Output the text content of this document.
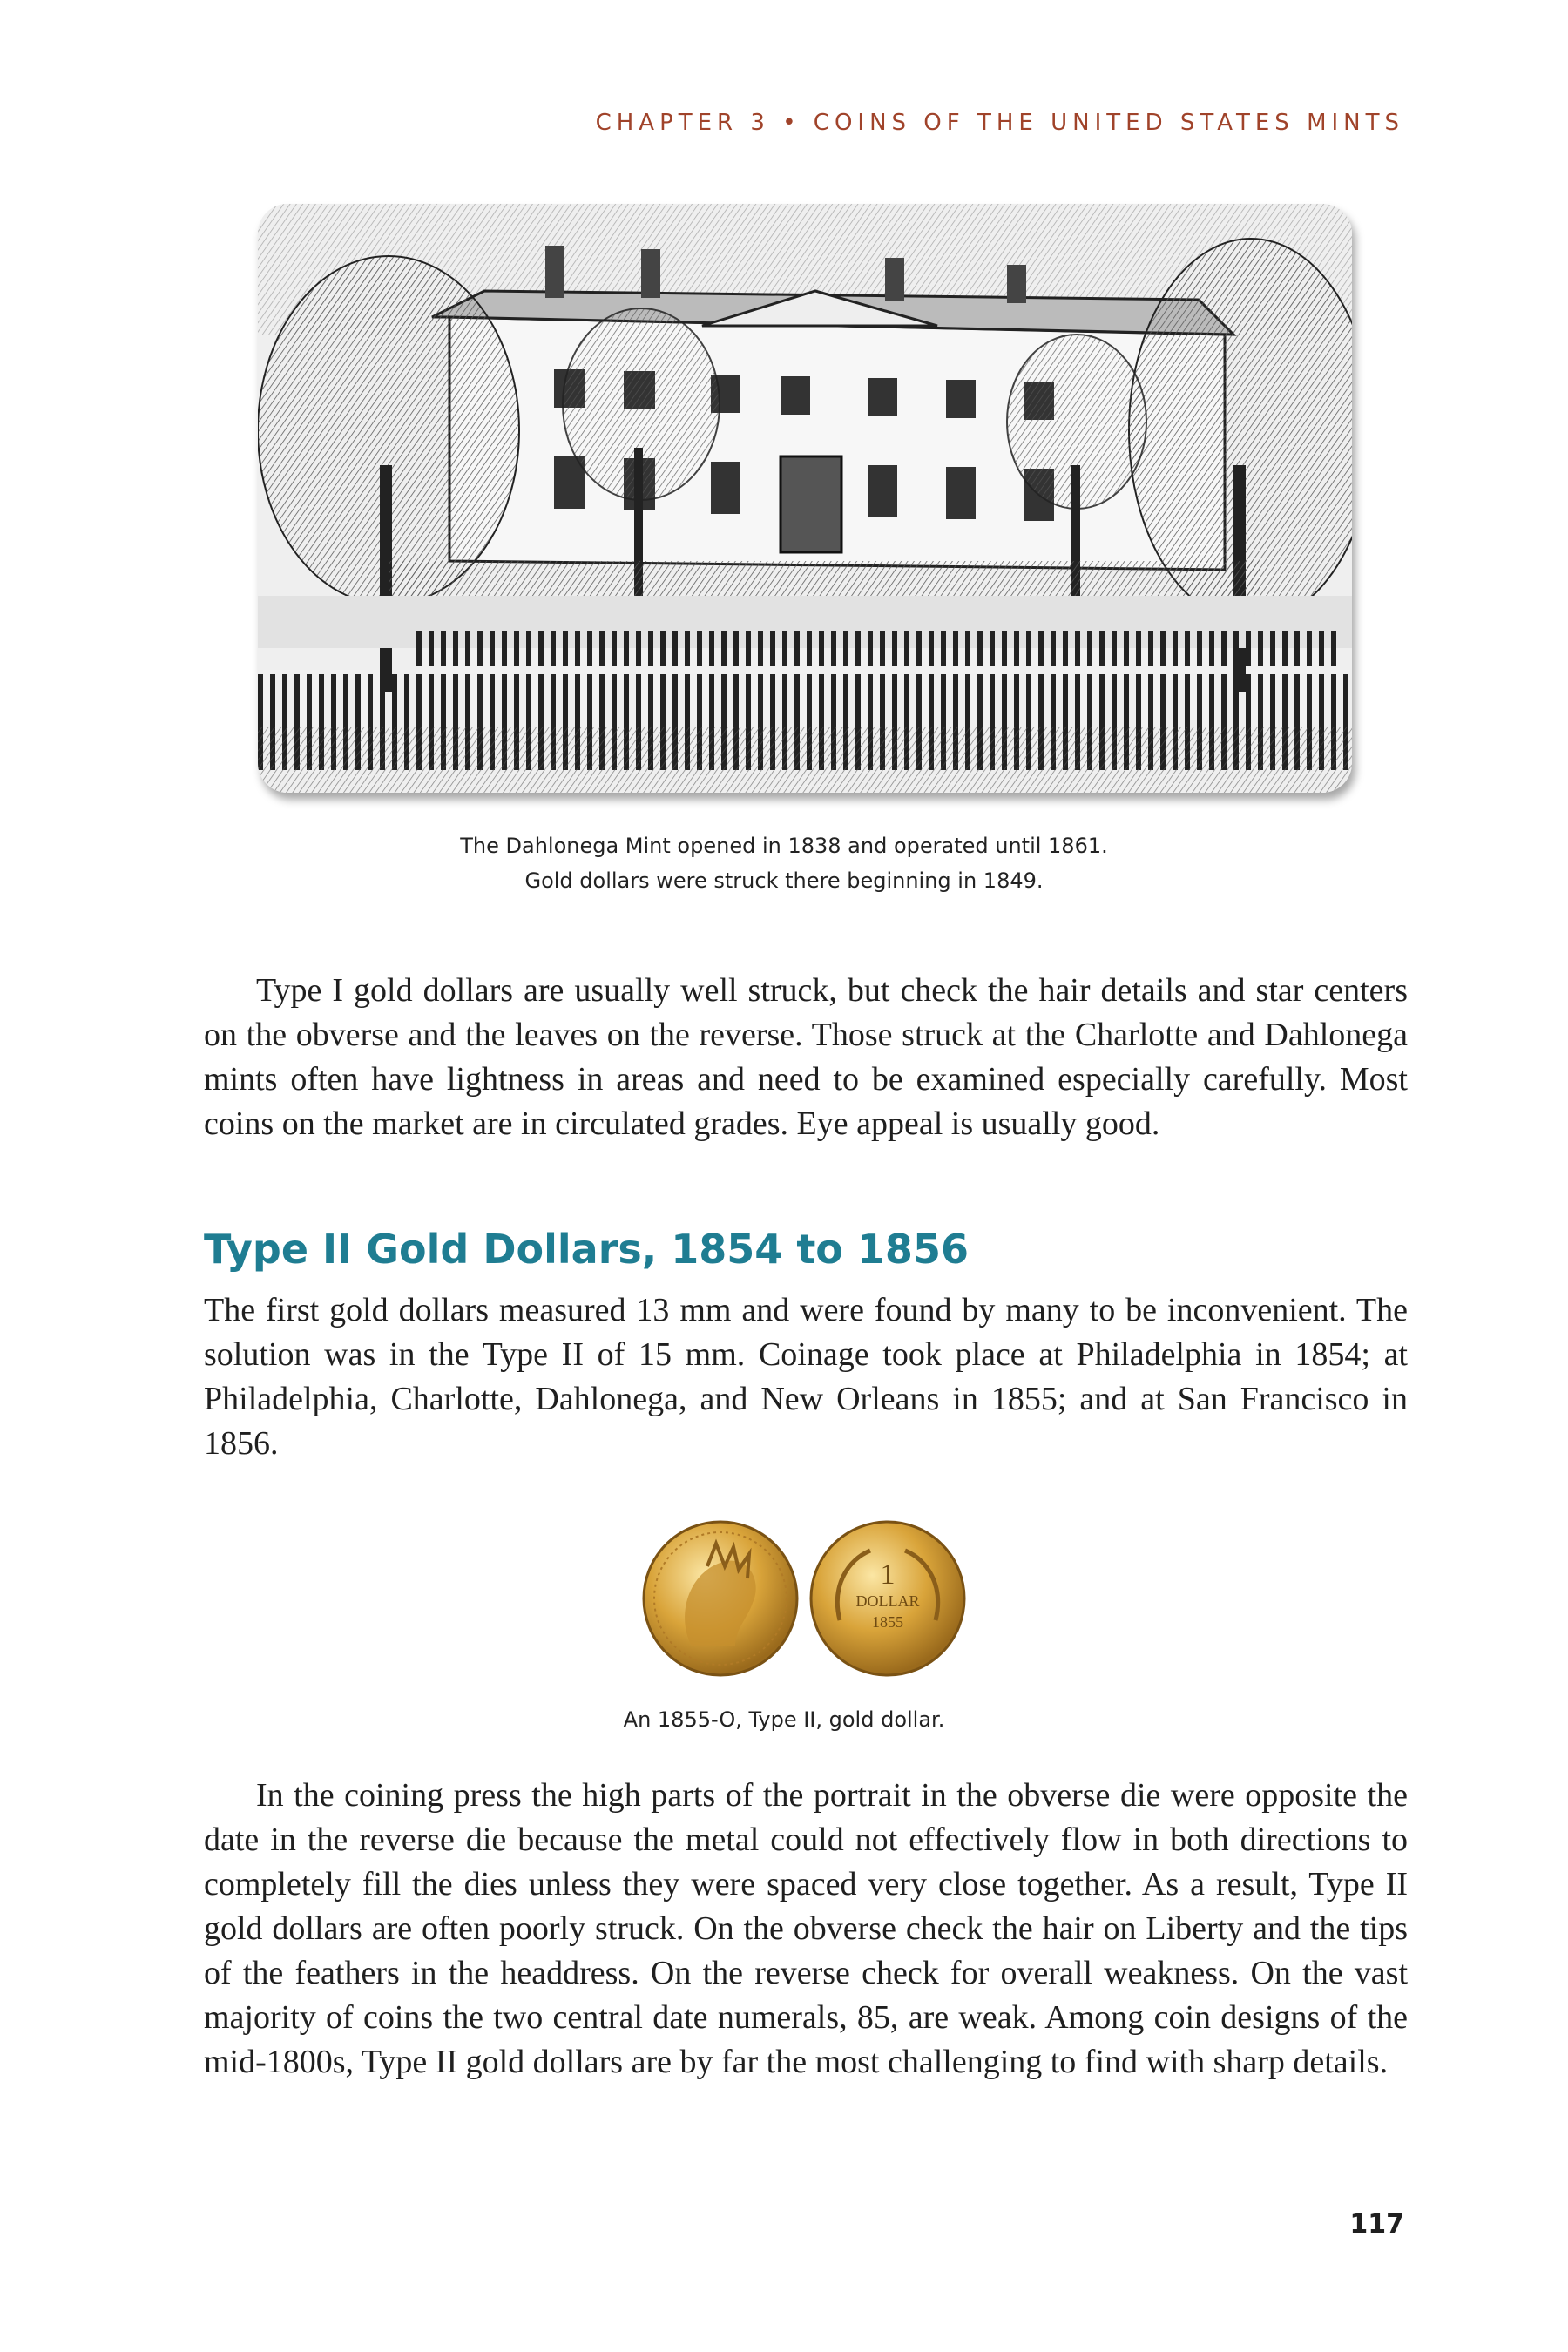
CHAPTER 3 • COINS OF THE UNITED STATES MINTS
The Dahlonega Mint opened in 1838 and operated until 1861.
Gold dollars were struck there beginning in 1849.

Type I gold dollars are usually well struck, but check the hair details and star centers on the obverse and the leaves on the reverse. Those struck at the Charlotte and Dahlonega mints often have lightness in areas and need to be examined especially carefully. Most coins on the market are in circulated grades. Eye appeal is usually good.

Type II Gold Dollars, 1854 to 1856

The first gold dollars measured 13 mm and were found by many to be inconvenient. The solution was in the Type II of 15 mm. Coinage took place at Philadelphia in 1854; at Philadelphia, Charlotte, Dahlonega, and New Orleans in 1855; and at San Francisco in 1856.

1
DOLLAR
1855
An 1855-O, Type II, gold dollar.

In the coining press the high parts of the portrait in the obverse die were opposite the date in the reverse die because the metal could not effectively flow in both directions to completely fill the dies unless they were spaced very close together. As a result, Type II gold dollars are often poorly struck. On the obverse check the hair on Liberty and the tips of the feathers in the headdress. On the reverse check for overall weakness. On the vast majority of coins the two central date numerals, 85, are weak. Among coin designs of the mid-1800s, Type II gold dollars are by far the most challenging to find with sharp details.

117
